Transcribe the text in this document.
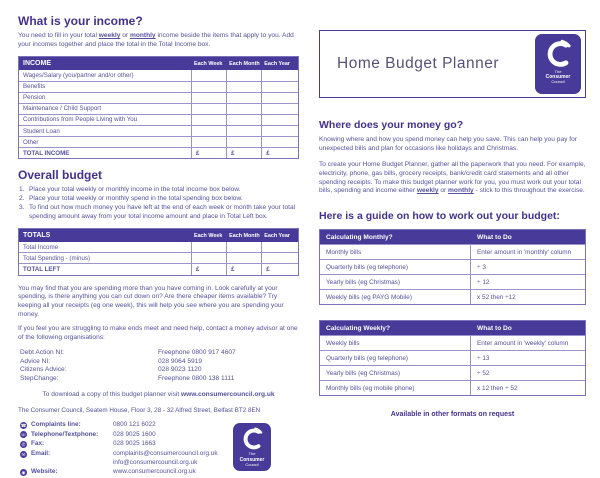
What is your income?
You need to fill in your total weekly or monthly income beside the items that apply to you. Add your incomes together and place the total in the Total Income box.
INCOME	Each Week	Each Month Each Year
Wages/Salary (you/partner and/or other)
Benefits
Pension
Maintenance / Child Support
Contributions from People Living with You
Student Loan
Other
TOTAL INCOME	£	£	£
Overall budget
Place your total weekly or monthly income in the total income box below.
Place your total weekly or monthly spend in the total spending box below.
To find out how much money you have left at the end of each week or month take your total spending amount away from your total income amount and place in Total Left box.
TOTALS	Each Week	Each Month Each Year
Total Income
Total Spending - (minus)
TOTAL LEFT	£	£	£
You may find that you are spending more than you have coming in. Look carefully at your spending, is there anything you can cut down on? Are there cheaper items available? Try keeping all your receipts (eg one week), this will help you see where you are spending your money.
If you feel you are struggling to make ends meet and need help, contact a money advisor at one of the following organisations:
Debt Action NI:	Freephone 0800 917 4607
Advice NI:	028 9064 5919
Citizens Advice:	028 9023 1120
StepChange:	Freephone 0800 138 1111
To download a copy of this budget planner visit www.consumercouncil.org.uk
The Consumer Council, Seatem House, Floor 3, 28 - 32 Alfred Street, Belfast BT2 8EN
☎ Complaints line:	0800 121 6022
☏ Telephone/Textphone:	028 9025 1600
✆ Fax:	028 9025 1663
✉ Email:	complaints@consumercouncil.org.uk
info@consumercouncil.org.uk
◉ Website:	www.consumercouncil.org.uk
The
Consumer
Council
Home Budget Planner	The
Consumer
Council
Where does your money go?
Knowing where and how you spend money can help you save. This can help you pay for unexpected bills and plan for occasions like holidays and Christmas.
To create your Home Budget Planner, gather all the paperwork that you need. For example, electricity, phone, gas bills, grocery receipts, bank/credit card statements and all other spending receipts. To make this budget planner work for you, you must work out your total bills, spending and income either weekly or monthly - stick to this throughout the exercise.
Here is a guide on how to work out your budget:
Calculating Monthly?	What to Do
Monthly bills	Enter amount in 'monthly' column
Quarterly bills (eg telephone)	÷ 3
Yearly bills (eg Christmas)	÷ 12
Weekly bills (eg PAYG Mobile)	x 52 then ÷12
Calculating Weekly?	What to Do
Weekly bills	Enter amount in 'weekly' column
Quarterly bills (eg telephone)	÷ 13
Yearly bills (eg Christmas)	÷ 52
Monthly bills (eg mobile phone)	x 12 then ÷ 52
Available in other formats on request
